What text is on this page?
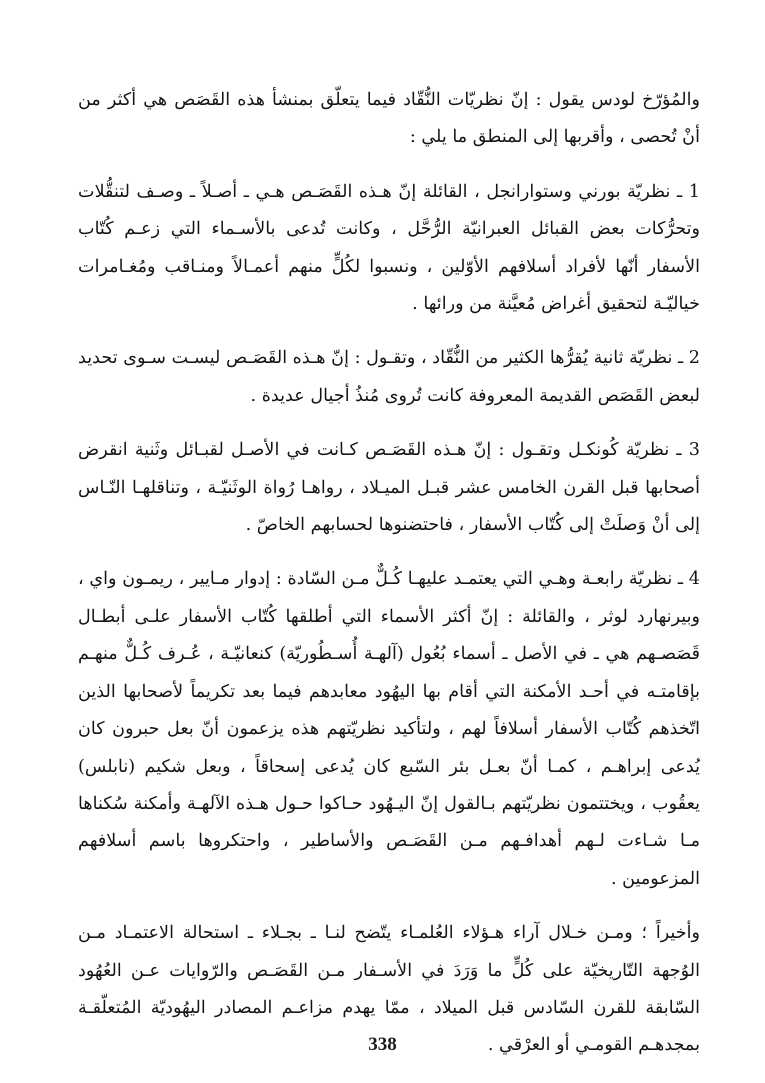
والمُؤرّخ لودس يقول : إنّ نظريّات النُّقّاد فيما يتعلّق بمنشأ هذه القَصَص هي أكثر من أنْ تُحصى ، وأقربها إلى المنطق ما يلي :

1 ـ نظريّة بورني وستوارانجل ، القائلة إنّ هـذه القَصَـص هـي ـ أصـلاً ـ وصـف لتنقُّلات وتحرُّكات بعض القبائل العبرانيّة الرُّحَّل ، وكانت تُدعى بالأسـماء التي زعـم كُتّاب الأسفار أنّها لأفراد أسلافهم الأوّلين ، ونسبوا لكُلٍّ منهم أعمـالاً ومنـاقب ومُغـامرات خياليّـة لتحقيق أغراض مُعيَّنة من ورائها .

2 ـ نظريّة ثانية يُقرُّها الكثير من النُّقّاد ، وتقـول : إنّ هـذه القَصَـص ليسـت سـوى تحديد لبعض القَصَص القديمة المعروفة كانت تُروى مُنذُ أجيال عديدة .

3 ـ نظريّة كُونكـل وتقـول : إنّ هـذه القَصَـص كـانت في الأصـل لقبـائل وثَنية انقرض أصحابها قبل القرن الخامس عشر قبـل الميـلاد ، رواهـا رُواة الوثَنيّـة ، وتناقلهـا النّـاس إلى أنْ وَصلَتْ إلى كُتّاب الأسفار ، فاحتضنوها لحسابهم الخاصّ .

4 ـ نظريّة رابعـة وهـي التي يعتمـد عليهـا كُـلٌّ مـن السّادة : إدوار مـايير ، ريمـون واي ، وبيرنهارد لوثر ، والقائلة : إنّ أكثر الأسماء التي أطلقها كُتّاب الأسفار علـى أبطـال قَصَصـهم هي ـ في الأصل ـ أسماء بُعُول (آلهـة أُسـطُوريّة) كنعانيّـة ، عُـرف كُـلٌّ منهـم بإقامتـه في أحـد الأمكنة التي أقام بها اليهُود معابدهم فيما بعد تكريماً لأصحابها الذين اتّخذهم كُتّاب الأسفار أسلافاً لهم ، ولتأكيد نظريّتهم هذه يزعمون أنّ بعل حبرون كان يُدعى إبراهـم ، كمـا أنّ بعـل بئر السّبع كان يُدعى إسحاقاً ، وبعل شكيم (نابلس) يعقُوب ، ويختتمون نظريّتهم بـالقول إنّ اليـهُود حـاكوا حـول هـذه الآلهـة وأمكنة سُكناها مـا شـاءت لـهم أهدافـهم مـن القَصَـص والأساطير ، واحتكروها باسم أسلافهم المزعومين .

وأخيراً ؛ ومـن خـلال آراء هـؤلاء العُلمـاء يتّضح لنـا ـ بجـلاء ـ استحالة الاعتمـاد مـن الوُجهة التّاريخيّة على كُلٍّ ما وَرَدَ في الأسـفار مـن القَصَـص والرّوايات عـن العُهُود السّابقة للقرن السّادس قبل الميلاد ، ممّا يهدم مزاعـم المصادر اليهُوديّة المُتعلّقـة بمجدهـم القومـي أو العرْقي .

338
